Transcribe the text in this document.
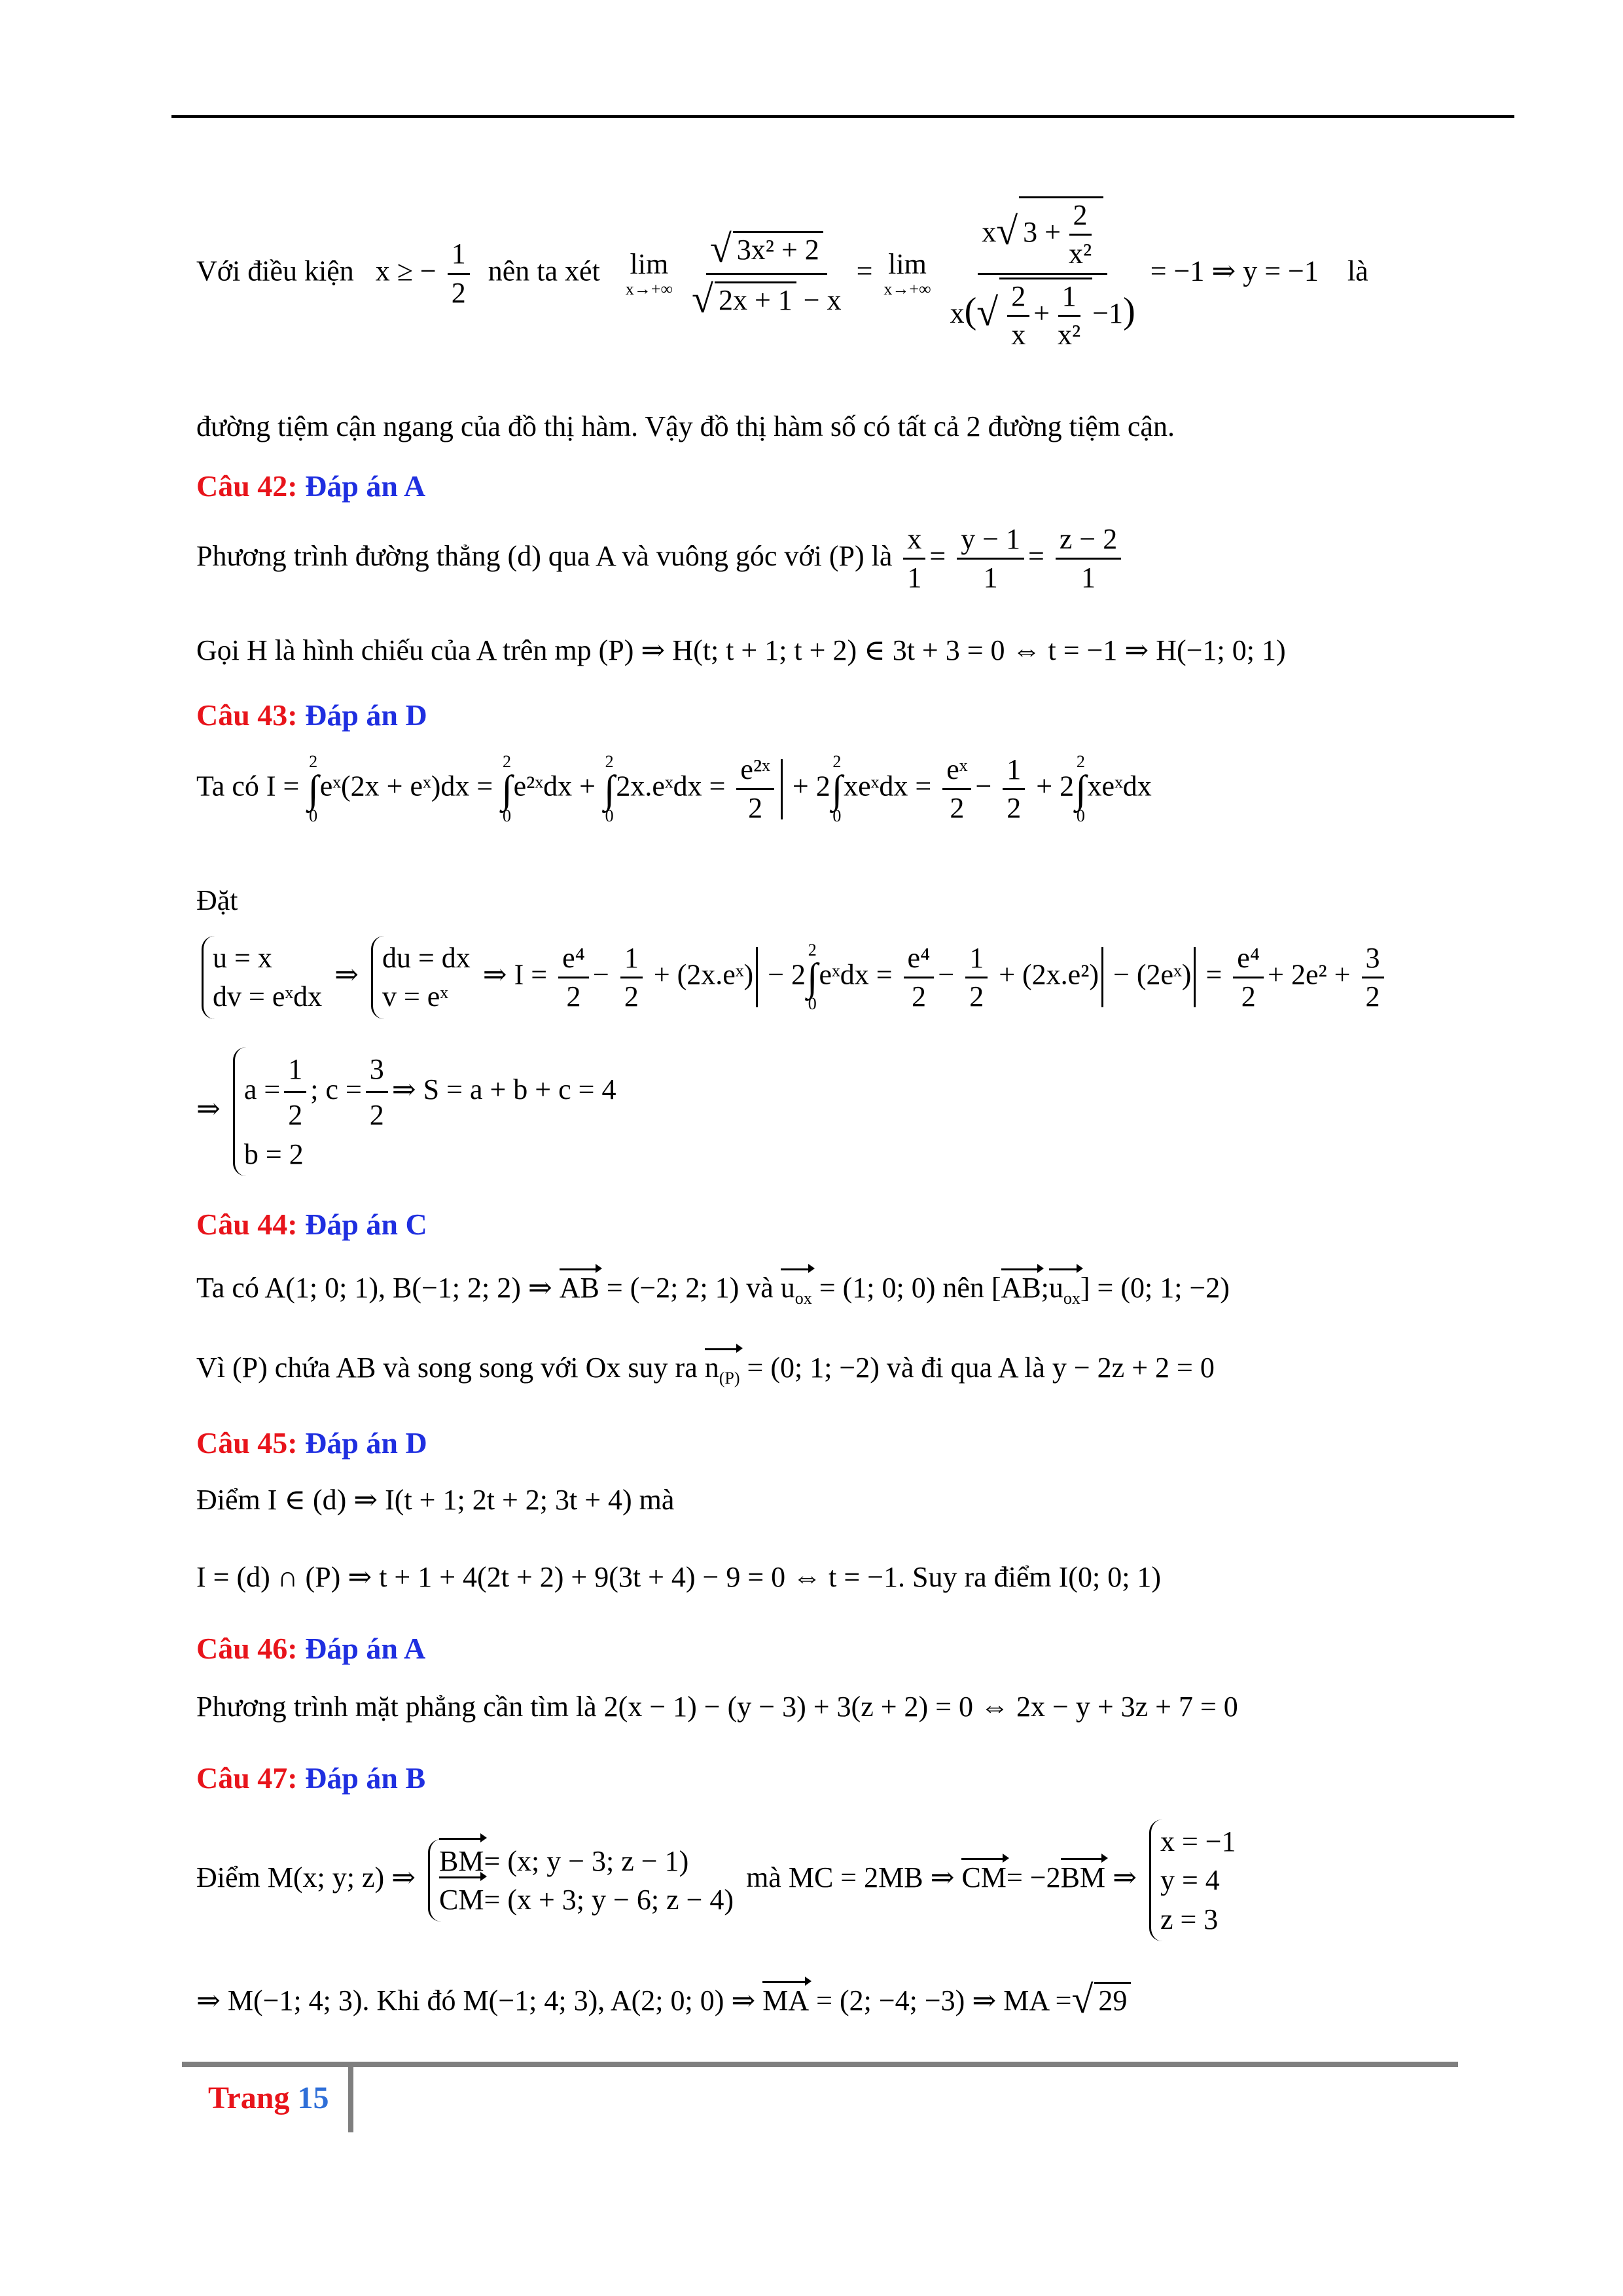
Với điều kiện x ≥ − $\frac{1}{2}$ nên ta xét lim
x→+∞
$\frac{\text{√ 3x² + 2}}{√ 2x + 1 - x} = \lim$
x→+∞
$\frac{x√ 3 + \frac{2}{\text{x²}}}{x(√ \frac{2}{x} + \frac{1}{\text{x²}} -1)} = -1$ ⇒ y = −1 là
đường tiệm cận ngang của đồ thị hàm. Vậy đồ thị hàm số có tất cả 2 đường tiệm cận.
Câu 42: Đáp án A
Phương trình đường thẳng (d) qua A và vuông góc với (P) là $\frac{x}{1} = \frac{y - 1}{1} = \frac{z - 2}{1}$
Gọi H là hình chiếu của A trên mp (P) ⇒ H(t; t + 1; t + 2) ∈ 3t + 3 = 0 ⇔ t = −1 ⇒ H(−1; 0; 1)
Câu 43: Đáp án D
Ta có I =
2
∫
0
eˣ(2x + eˣ)dx =
2
∫
0
e²ˣdx +
2
∫
0
2x.eˣdx = $\frac{\text{e²ˣ}}{2} + 2$
2
∫
0
xeˣdx = $\frac{\text{eˣ}}{2} - \frac{1}{2} + 2$
2
∫
0
xeˣdx
Đặt
u = x
dv = eˣdx
⇒
du = dx
v = eˣ
⇒ $I = \frac{\text{e⁴}}{2} - \frac{1}{2}$ + (2x.eˣ) − 2
2
∫
0
eˣdx = $\frac{\text{e⁴}}{2} - \frac{1}{2} + (2x.e^2)$ − (2eˣ) = $\frac{\text{e⁴}}{2} + 2e^2 + \frac{3}{2}$
⇒
$a = \frac{1}{2}$ ; $c = \frac{3}{2}$ ⇒ S = a + b + c = 4
b = 2
Câu 44: Đáp án C
Ta có A(1; 0; 1), B(−1; 2; 2) ⇒ AB = (−2; 2; 1) và $u_{ox} = (1$; 0; 0) nên $[AB;u_{ox}] = (0$; 1; −2)
Vì (P) chứa AB và song song với Ox suy ra $n_{(P)} = (0$; 1; −2) và đi qua A là y − 2z + 2 = 0
Câu 45: Đáp án D
Điểm I ∈ (d) ⇒ I(t + 1; 2t + 2; 3t + 4) mà
I = (d) ∩ (P) ⇒ t + 1 + 4(2t + 2) + 9(3t + 4) − 9 = 0 ⇔ t = −1. Suy ra điểm I(0; 0; 1)
Câu 46: Đáp án A
Phương trình mặt phẳng cần tìm là 2(x − 1) − (y − 3) + 3(z + 2) = 0 ⇔ 2x − y + 3z + 7 = 0
Câu 47: Đáp án B
Điểm M(x; y; z) ⇒
BM= (x; y − 3; z − 1)
CM= (x + 3; y − 6; z − 4)
mà MC = 2MB ⇒ CM= −2BM ⇒
x = −1
y = 4
z = 3
⇒ M(−1; 4; 3). Khi đó M(−1; 4; 3), A(2; 0; 0) ⇒ MA = (2; −4; −3) ⇒ MA =√ 29
Trang 15
